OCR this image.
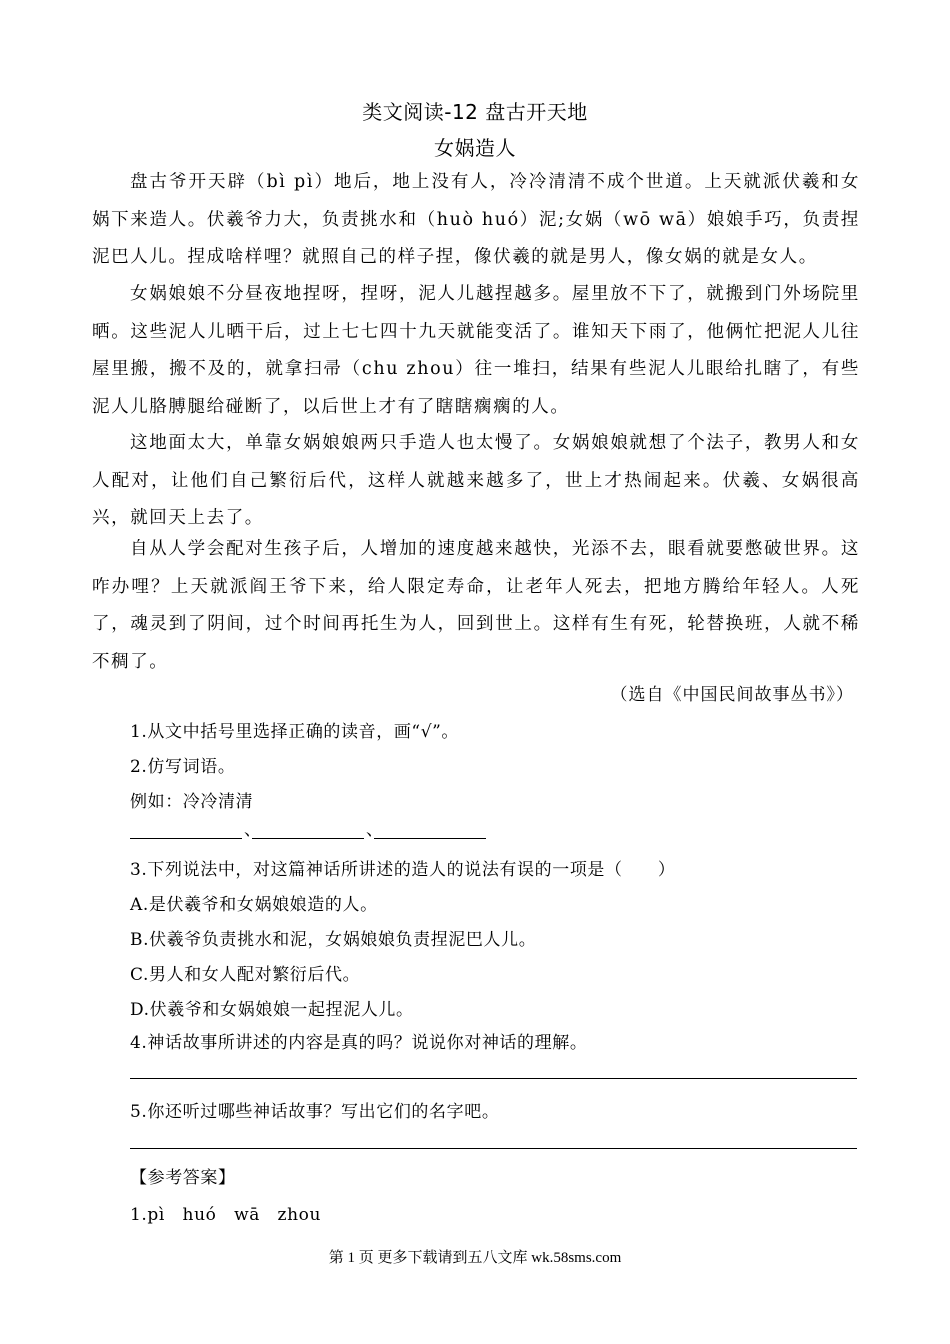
类文阅读-12 盘古开天地
女娲造人

盘古爷开天辟（bì pì）地后，地上没有人，冷冷清清不成个世道。上天就派伏羲和女娲下来造人。伏羲爷力大，负责挑水和（huò huó）泥;女娲（wō wā）娘娘手巧，负责捏泥巴人儿。捏成啥样哩？就照自己的样子捏，像伏羲的就是男人，像女娲的就是女人。

女娲娘娘不分昼夜地捏呀，捏呀，泥人儿越捏越多。屋里放不下了，就搬到门外场院里晒。这些泥人儿晒干后，过上七七四十九天就能变活了。谁知天下雨了，他俩忙把泥人儿往屋里搬，搬不及的，就拿扫帚（chu zhou）往一堆扫，结果有些泥人儿眼给扎瞎了，有些泥人儿胳膊腿给碰断了，以后世上才有了瞎瞎瘸瘸的人。

这地面太大，单靠女娲娘娘两只手造人也太慢了。女娲娘娘就想了个法子，教男人和女人配对，让他们自己繁衍后代，这样人就越来越多了，世上才热闹起来。伏羲、女娲很高兴，就回天上去了。

自从人学会配对生孩子后，人增加的速度越来越快，光添不去，眼看就要憋破世界。这咋办哩？上天就派阎王爷下来，给人限定寿命，让老年人死去，把地方腾给年轻人。人死了，魂灵到了阴间，过个时间再托生为人，回到世上。这样有生有死，轮替换班，人就不稀不稠了。

（选自《中国民间故事丛书》）
1.从文中括号里选择正确的读音，画“√”。
2.仿写词语。
例如：冷冷清清
、	、
3.下列说法中，对这篇神话所讲述的造人的说法有误的一项是（　　）
A.是伏羲爷和女娲娘娘造的人。
B.伏羲爷负责挑水和泥，女娲娘娘负责捏泥巴人儿。
C.男人和女人配对繁衍后代。
D.伏羲爷和女娲娘娘一起捏泥人儿。
4.神话故事所讲述的内容是真的吗？说说你对神话的理解。
5.你还听过哪些神话故事？写出它们的名字吧。
【参考答案】
1.pì　huó　wā　zhou
第 1 页 更多下载请到五八文库 wk.58sms.com
